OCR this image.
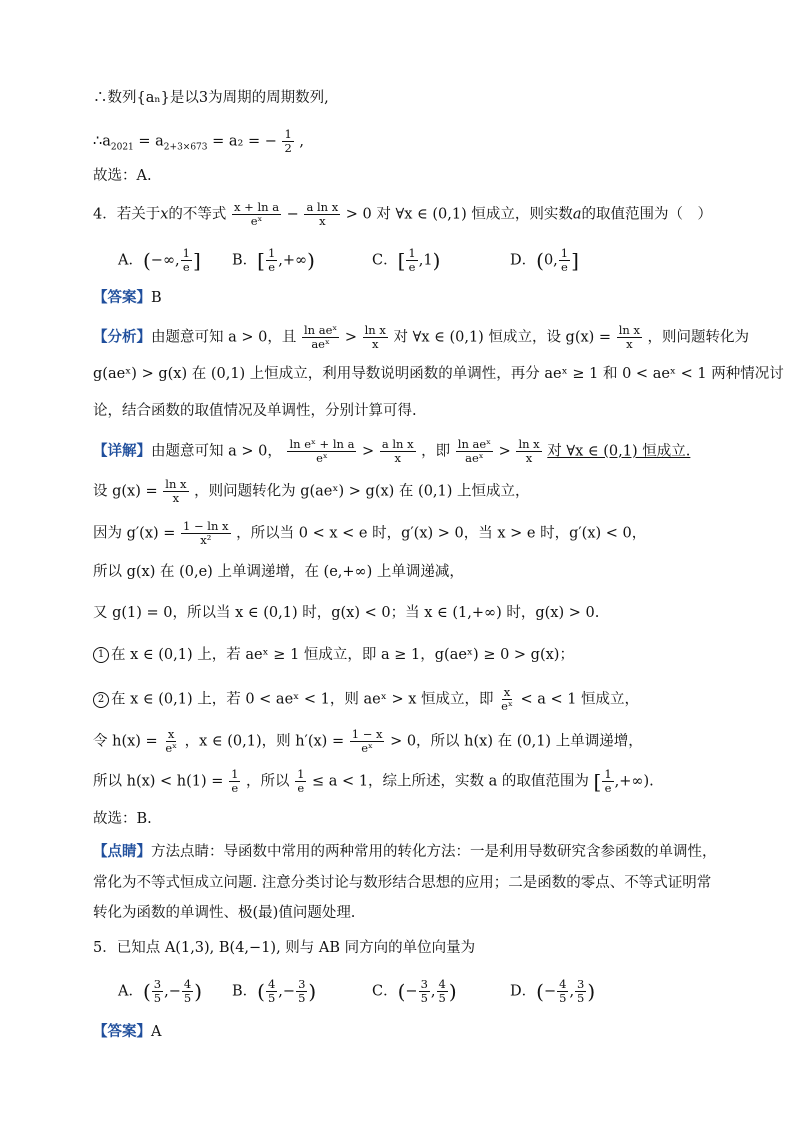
∴数列{aₙ}是以3为周期的周期数列,
$\therefore a_{2021} = a_{2+3\times 673} = a_2$ = − $\frac{1}{2}$ ,
故选：A.
4．若关于x的不等式 $\frac{\text{x + ln a}}{\text{eˣ}} - \frac{\text{a ln x}}{x} > 0$ 对 ∀x ∈ (0,1) 恒成立，则实数a的取值范围为（　）
A．(−∞, $\frac{1}{e}$ ] B．[ $\frac{1}{e}$ ,+∞)	C．[ $\frac{1}{e} ,1$)	D．(0, $\frac{1}{e}$ ]
【答案】B
【分析】由题意可知 a > 0，且 $\frac{\text{ln aeˣ}}{\text{aeˣ}} > \frac{\text{ln x}}{x}$ 对 ∀x ∈ (0,1) 恒成立，设 $g(x) = \frac{\text{ln x}}{x}$ ，则问题转化为
g(aeˣ) > g(x) 在 (0,1) 上恒成立，利用导数说明函数的单调性，再分 aeˣ ≥ 1 和 0 < aeˣ < 1 两种情况讨
论，结合函数的取值情况及单调性，分别计算可得.
【详解】由题意可知 a > 0， $\frac{\text{ln eˣ + ln a}}{\text{eˣ}} > \frac{\text{a ln x}}{x}$ ，即 $\frac{\text{ln aeˣ}}{\text{aeˣ}} > \frac{\text{ln x}}{x}$ 对 ∀x ∈ (0,1) 恒成立.
设 $g(x) = \frac{\text{ln x}}{x}$ ，则问题转化为 g(aeˣ) > g(x) 在 (0,1) 上恒成立，
因为 $g'(x) = \frac{\text{1 − ln x}}{\text{x²}}$ ，所以当 0 < x < e 时，g′(x) > 0，当 x > e 时，g′(x) < 0，
所以 g(x) 在 (0,e) 上单调递增，在 (e,+∞) 上单调递减，
又 g(1) = 0，所以当 x ∈ (0,1) 时，g(x) < 0；当 x ∈ (1,+∞) 时，g(x) > 0.
1 在 x ∈ (0,1) 上，若 aeˣ ≥ 1 恒成立，即 a ≥ 1，g(aeˣ) ≥ 0 > g(x)；
2 在 x ∈ (0,1) 上，若 0 < aeˣ < 1，则 aeˣ > x 恒成立，即 $\frac{x}{\text{eˣ}} < a < 1$ 恒成立，
令 $h(x) = \frac{x}{\text{eˣ}}$ ，x ∈ (0,1)，则 $h'(x) = \frac{1 - x}{\text{eˣ}} > 0$，所以 h(x) 在 (0,1) 上单调递增，
所以 $h(x) < h(1) = \frac{1}{e}$ ，所以 $\frac{1}{e} \le a < 1$，综上所述，实数 a 的取值范围为 [ $\frac{1}{e}$ ,+∞).
故选：B.
【点睛】方法点睛：导函数中常用的两种常用的转化方法：一是利用导数研究含参函数的单调性，
常化为不等式恒成立问题. 注意分类讨论与数形结合思想的应用；二是函数的零点、不等式证明常
转化为函数的单调性、极(最)值问题处理.
5．已知点 A(1,3), B(4,−1), 则与 AB 同方向的单位向量为
A．( $\frac{3}{5}$ ,− $\frac{4}{5}$ ) B．( $\frac{4}{5}$ ,− $\frac{3}{5}$ )	C．(− $\frac{3}{5}$ , $\frac{4}{5}$ )	D．(− $\frac{4}{5}$ , $\frac{3}{5}$ )
【答案】A
